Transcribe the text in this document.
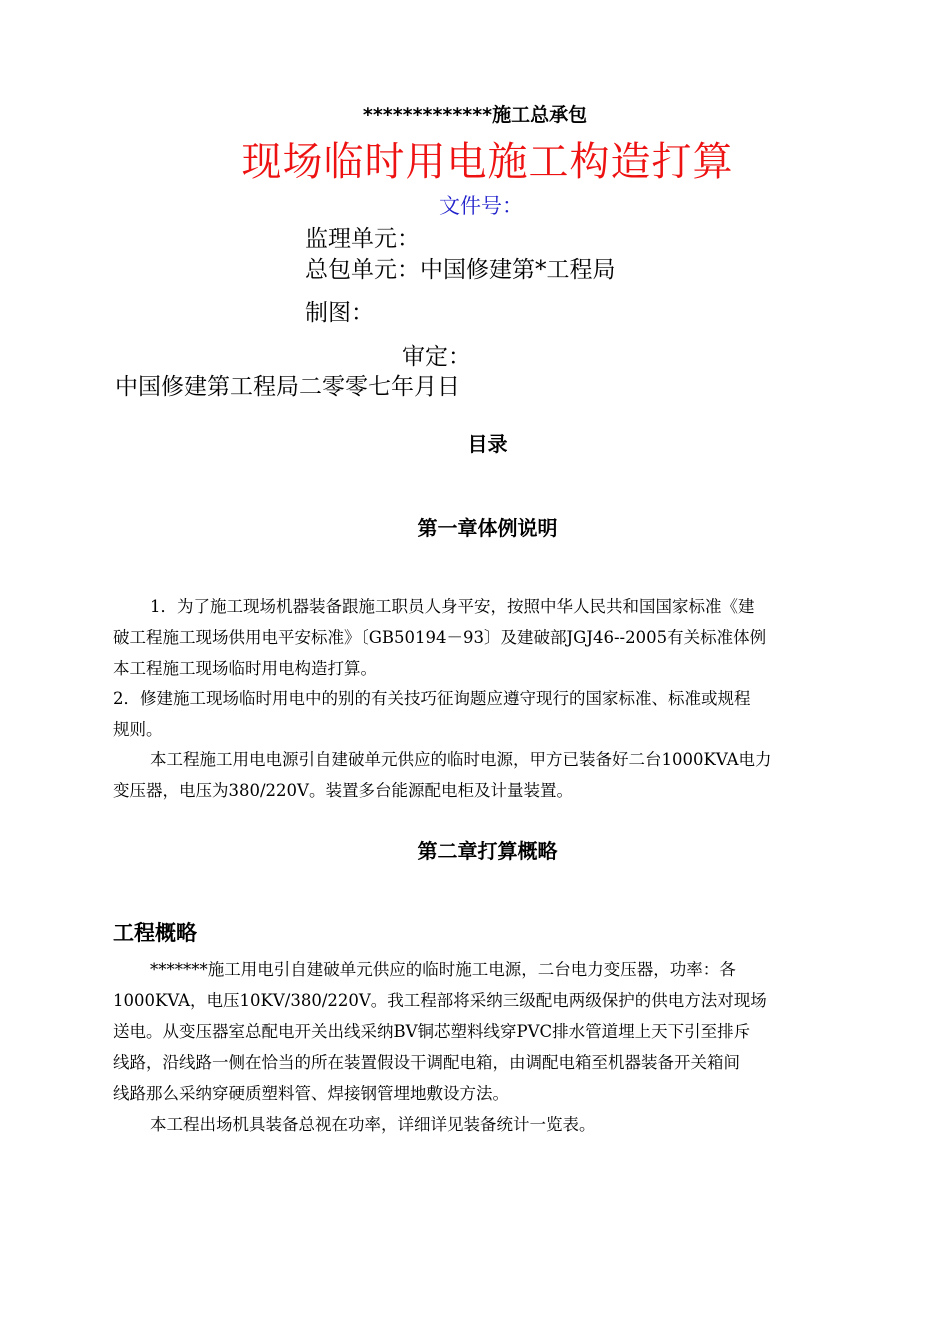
*************施工总承包
现场临时用电施工构造打算
文件号：
监理单元：
总包单元：中国修建第*工程局
制图：
审定：
中国修建第工程局二零零七年月日
目录
第一章体例说明
1．为了施工现场机器装备跟施工职员人身平安，按照中华人民共和国国家标准《建
破工程施工现场供用电平安标准》〔GB50194－93〕及建破部JGJ46--2005有关标准体例
本工程施工现场临时用电构造打算。
2．修建施工现场临时用电中的别的有关技巧征询题应遵守现行的国家标准、标准或规程
规则。
本工程施工用电电源引自建破单元供应的临时电源，甲方已装备好二台1000KVA电力
变压器，电压为380/220V。装置多台能源配电柜及计量装置。
第二章打算概略
工程概略
*******施工用电引自建破单元供应的临时施工电源，二台电力变压器，功率：各
1000KVA，电压10KV/380/220V。我工程部将采纳三级配电两级保护的供电方法对现场
送电。从变压器室总配电开关出线采纳BV铜芯塑料线穿PVC排水管道埋上天下引至排斥
线路，沿线路一侧在恰当的所在装置假设干调配电箱，由调配电箱至机器装备开关箱间
线路那么采纳穿硬质塑料管、焊接钢管埋地敷设方法。
本工程出场机具装备总视在功率，详细详见装备统计一览表。
